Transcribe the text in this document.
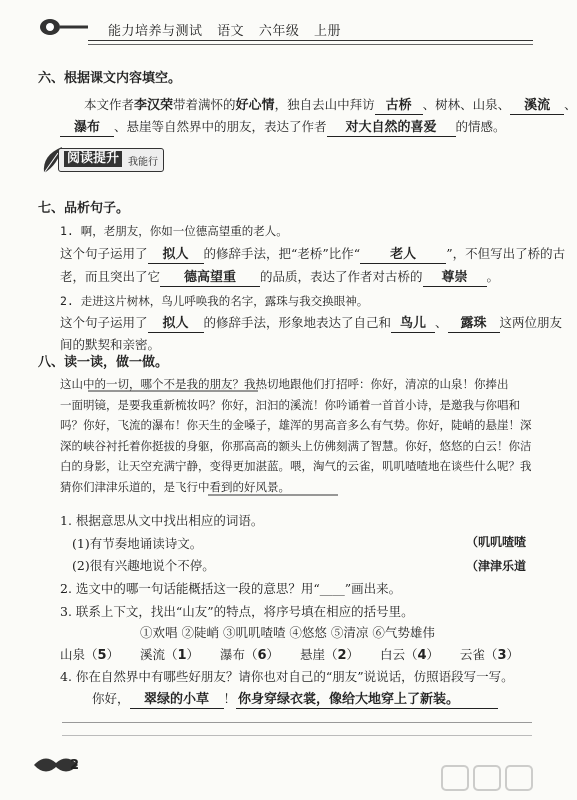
能力培养与测试 语文 六年级 上册
六、根据课文内容填空。
本文作者李汉荣带着满怀的好心情，独自去山中拜访 古桥 、树林、山泉、 溪流 、
瀑布 、悬崖等自然界中的朋友，表达了作者 对大自然的喜爱 的情感。
阅读提升 我能行
七、品析句子。
1. 啊，老朋友，你如一位德高望重的老人。
这个句子运用了 拟人 的修辞手法，把“老桥”比作“ 老人 ”，不但写出了桥的古
老，而且突出了它 德高望重 的品质，表达了作者对古桥的 尊崇 。
2. 走进这片树林，鸟儿呼唤我的名字，露珠与我交换眼神。
这个句子运用了 拟人 的修辞手法，形象地表达了自己和 鸟儿 、 露珠 这两位朋友
间的默契和亲密。
八、读一读，做一做。
这山中的一切，哪个不是我的朋友？我热切地跟他们打招呼：你好，清凉的山泉！你捧出
一面明镜，是要我重新梳妆吗？你好，汩汩的溪流！你吟诵着一首首小诗，是邀我与你唱和
吗？你好，飞流的瀑布！你天生的金嗓子，雄浑的男高音多么有气势。你好，陡峭的悬崖！深
深的峡谷衬托着你挺拔的身躯，你那高高的额头上仿佛刻满了智慧。你好，悠悠的白云！你洁
白的身影，让天空充满宁静，变得更加湛蓝。喂，淘气的云雀，叽叽喳喳地在谈些什么呢？我
猜你们津津乐道的，是飞行中看到的好风景。
1. 根据意思从文中找出相应的词语。
(1)有节奏地诵读诗文。	（叽叽喳喳
(2)很有兴趣地说个不停。	（津津乐道
2. 选文中的哪一句话能概括这一段的意思？用“____”画出来。
3. 联系上下文，找出“山友”的特点，将序号填在相应的括号里。
①欢唱 ②陡峭 ③叽叽喳喳 ④悠悠 ⑤清凉 ⑥气势雄伟
山泉（5） 溪流（1） 瀑布（6） 悬崖（2） 白云（4） 云雀（3）
4. 你在自然界中有哪些好朋友？请你也对自己的“朋友”说说话，仿照语段写一写。
你好， 翠绿的小草 ！ 你身穿绿衣裳，像给大地穿上了新装。
2
